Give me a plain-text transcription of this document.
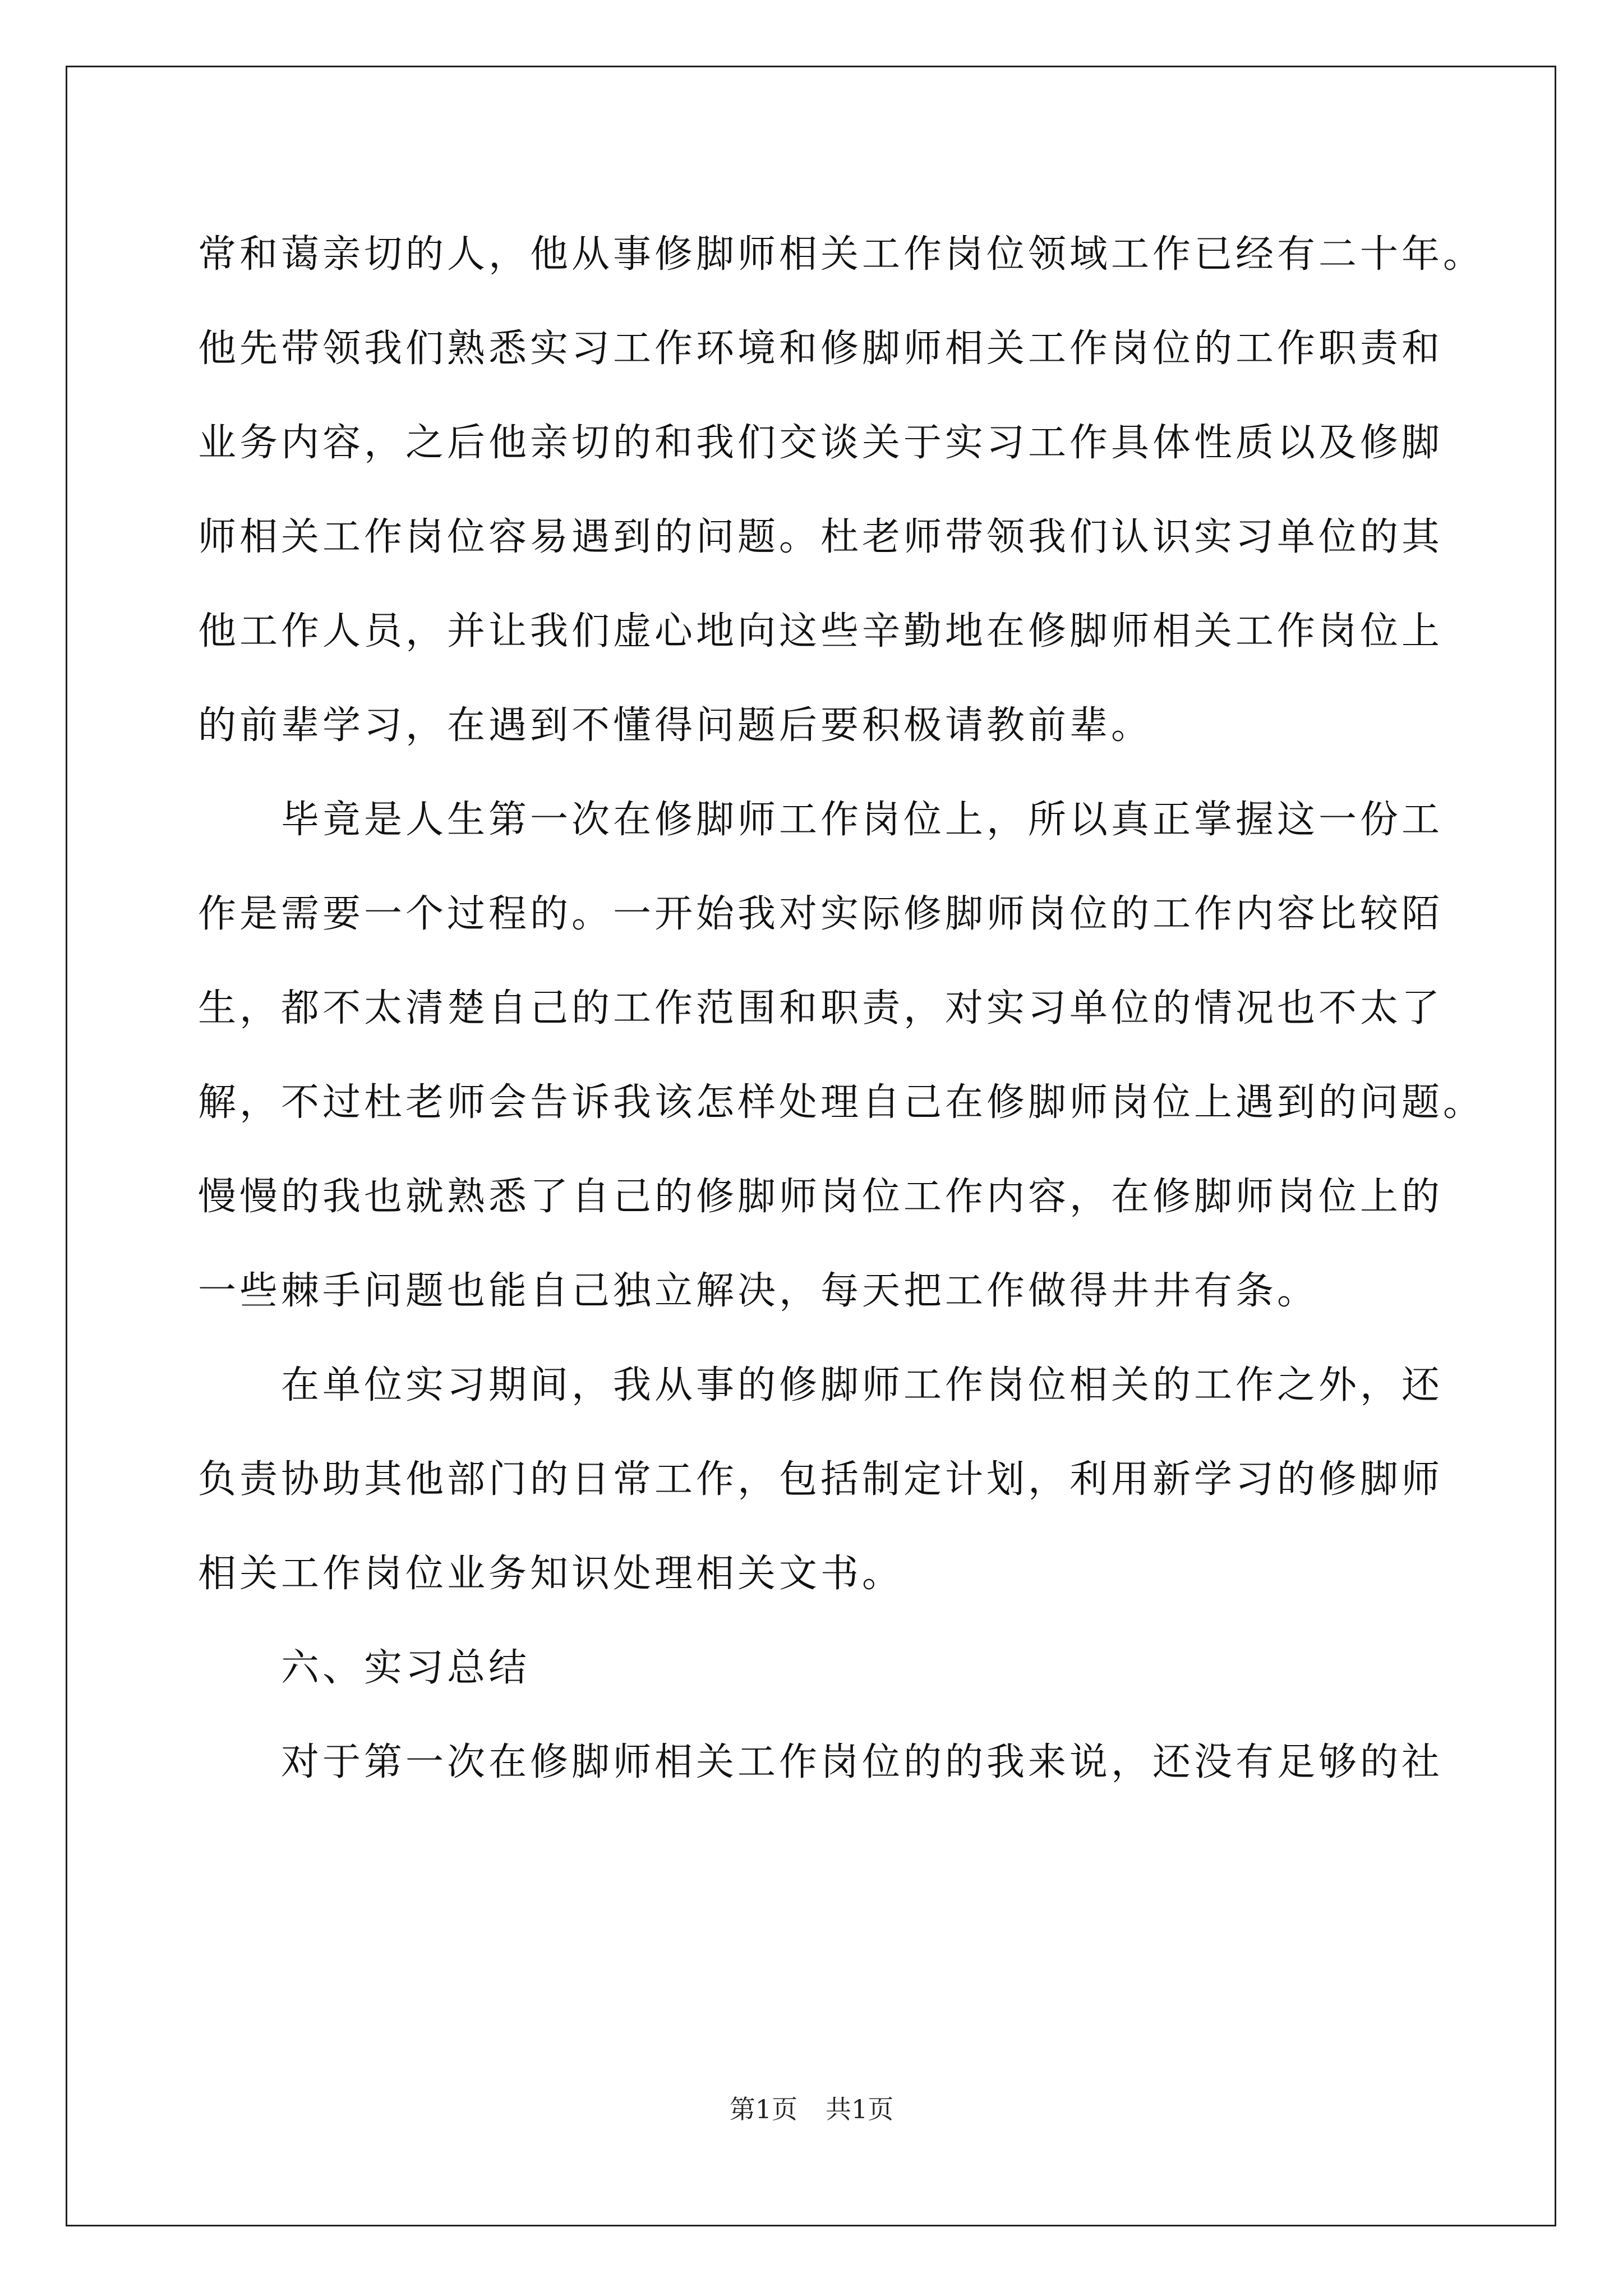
常和蔼亲切的人，他从事修脚师相关工作岗位领域工作已经有二十年。
他先带领我们熟悉实习工作环境和修脚师相关工作岗位的工作职责和
业务内容，之后他亲切的和我们交谈关于实习工作具体性质以及修脚
师相关工作岗位容易遇到的问题。杜老师带领我们认识实习单位的其
他工作人员，并让我们虚心地向这些辛勤地在修脚师相关工作岗位上
的前辈学习，在遇到不懂得问题后要积极请教前辈。
毕竟是人生第一次在修脚师工作岗位上，所以真正掌握这一份工
作是需要一个过程的。一开始我对实际修脚师岗位的工作内容比较陌
生，都不太清楚自己的工作范围和职责，对实习单位的情况也不太了
解，不过杜老师会告诉我该怎样处理自己在修脚师岗位上遇到的问题。
慢慢的我也就熟悉了自己的修脚师岗位工作内容，在修脚师岗位上的
一些棘手问题也能自己独立解决，每天把工作做得井井有条。
在单位实习期间，我从事的修脚师工作岗位相关的工作之外，还
负责协助其他部门的日常工作，包括制定计划，利用新学习的修脚师
相关工作岗位业务知识处理相关文书。
六、实习总结
对于第一次在修脚师相关工作岗位的的我来说，还没有足够的社
第1页 共1页
